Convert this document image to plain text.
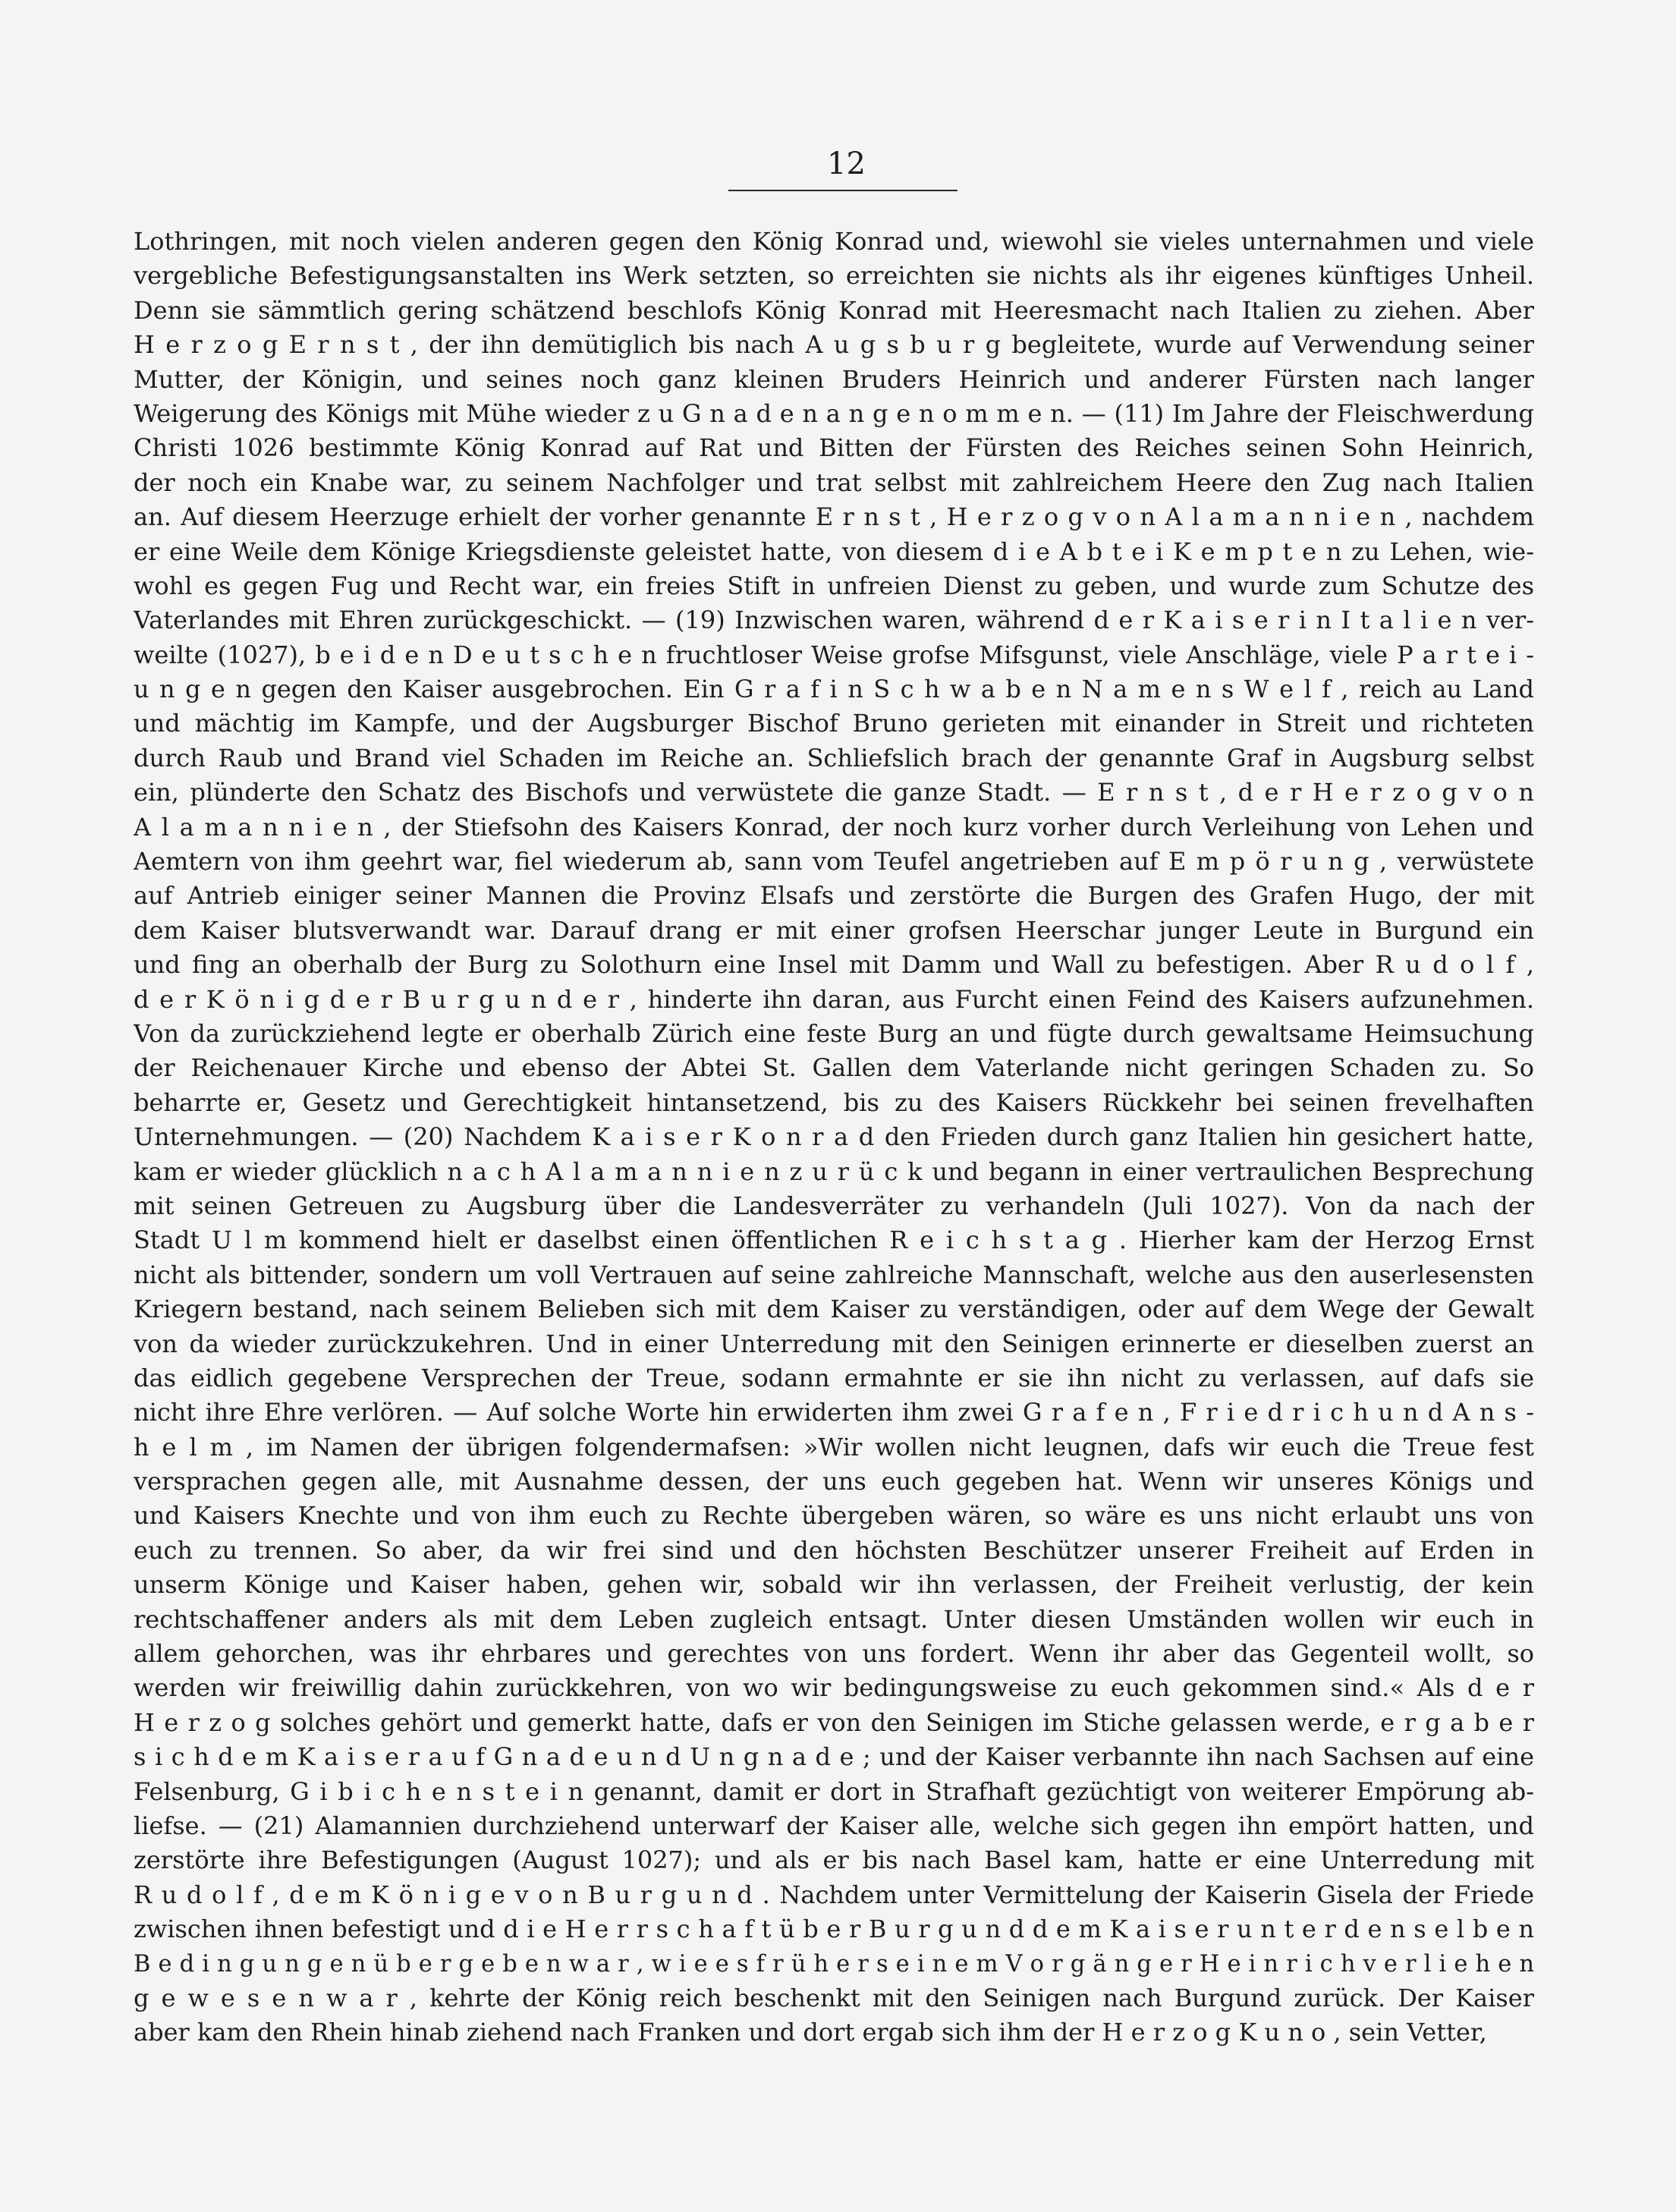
12
Lothringen, mit noch vielen anderen gegen den König Konrad und, wiewohl sie vieles unternahmen und viele
vergebliche Befestigungsanstalten ins Werk setzten, so erreichten sie nichts als ihr eigenes künftiges Unheil.
Denn sie sämmtlich gering schätzend beschlofs König Konrad mit Heeresmacht nach Italien zu ziehen. Aber
H e r z o g E r n s t , der ihn demütiglich bis nach A u g s b u r g begleitete, wurde auf Verwendung seiner
Mutter, der Königin, und seines noch ganz kleinen Bruders Heinrich und anderer Fürsten nach langer
Weigerung des Königs mit Mühe wieder z u G n a d e n a n g e n o m m e n. — (11) Im Jahre der Fleischwerdung
Christi 1026 bestimmte König Konrad auf Rat und Bitten der Fürsten des Reiches seinen Sohn Heinrich,
der noch ein Knabe war, zu seinem Nachfolger und trat selbst mit zahlreichem Heere den Zug nach Italien
an. Auf diesem Heerzuge erhielt der vorher genannte E r n s t , H e r z o g v o n A l a m a n n i e n , nachdem
er eine Weile dem Könige Kriegsdienste geleistet hatte, von diesem d i e A b t e i K e m p t e n zu Lehen, wie-
wohl es gegen Fug und Recht war, ein freies Stift in unfreien Dienst zu geben, und wurde zum Schutze des
Vaterlandes mit Ehren zurückgeschickt. — (19) Inzwischen waren, während d e r K a i s e r i n I t a l i e n ver-
weilte (1027), b e i d e n D e u t s c h e n fruchtloser Weise grofse Mifsgunst, viele Anschläge, viele P a r t e i -
u n g e n gegen den Kaiser ausgebrochen. Ein G r a f i n S c h w a b e n N a m e n s W e l f , reich au Land
und mächtig im Kampfe, und der Augsburger Bischof Bruno gerieten mit einander in Streit und richteten
durch Raub und Brand viel Schaden im Reiche an. Schliefslich brach der genannte Graf in Augsburg selbst
ein, plünderte den Schatz des Bischofs und verwüstete die ganze Stadt. — E r n s t , d e r H e r z o g v o n
A l a m a n n i e n , der Stiefsohn des Kaisers Konrad, der noch kurz vorher durch Verleihung von Lehen und
Aemtern von ihm geehrt war, fiel wiederum ab, sann vom Teufel angetrieben auf E m p ö r u n g , verwüstete
auf Antrieb einiger seiner Mannen die Provinz Elsafs und zerstörte die Burgen des Grafen Hugo, der mit
dem Kaiser blutsverwandt war. Darauf drang er mit einer grofsen Heerschar junger Leute in Burgund ein
und fing an oberhalb der Burg zu Solothurn eine Insel mit Damm und Wall zu befestigen. Aber R u d o l f ,
d e r K ö n i g d e r B u r g u n d e r , hinderte ihn daran, aus Furcht einen Feind des Kaisers aufzunehmen.
Von da zurückziehend legte er oberhalb Zürich eine feste Burg an und fügte durch gewaltsame Heimsuchung
der Reichenauer Kirche und ebenso der Abtei St. Gallen dem Vaterlande nicht geringen Schaden zu. So
beharrte er, Gesetz und Gerechtigkeit hintansetzend, bis zu des Kaisers Rückkehr bei seinen frevelhaften
Unternehmungen. — (20) Nachdem K a i s e r K o n r a d den Frieden durch ganz Italien hin gesichert hatte,
kam er wieder glücklich n a c h A l a m a n n i e n z u r ü c k und begann in einer vertraulichen Besprechung
mit seinen Getreuen zu Augsburg über die Landesverräter zu verhandeln (Juli 1027). Von da nach der
Stadt U l m kommend hielt er daselbst einen öffentlichen R e i c h s t a g . Hierher kam der Herzog Ernst
nicht als bittender, sondern um voll Vertrauen auf seine zahlreiche Mannschaft, welche aus den auserlesensten
Kriegern bestand, nach seinem Belieben sich mit dem Kaiser zu verständigen, oder auf dem Wege der Gewalt
von da wieder zurückzukehren. Und in einer Unterredung mit den Seinigen erinnerte er dieselben zuerst an
das eidlich gegebene Versprechen der Treue, sodann ermahnte er sie ihn nicht zu verlassen, auf dafs sie
nicht ihre Ehre verlören. — Auf solche Worte hin erwiderten ihm zwei G r a f e n , F r i e d r i c h u n d A n s -
h e l m , im Namen der übrigen folgendermafsen: »Wir wollen nicht leugnen, dafs wir euch die Treue fest
versprachen gegen alle, mit Ausnahme dessen, der uns euch gegeben hat. Wenn wir unseres Königs und
und Kaisers Knechte und von ihm euch zu Rechte übergeben wären, so wäre es uns nicht erlaubt uns von
euch zu trennen. So aber, da wir frei sind und den höchsten Beschützer unserer Freiheit auf Erden in
unserm Könige und Kaiser haben, gehen wir, sobald wir ihn verlassen, der Freiheit verlustig, der kein
rechtschaffener anders als mit dem Leben zugleich entsagt. Unter diesen Umständen wollen wir euch in
allem gehorchen, was ihr ehrbares und gerechtes von uns fordert. Wenn ihr aber das Gegenteil wollt, so
werden wir freiwillig dahin zurückkehren, von wo wir bedingungsweise zu euch gekommen sind.« Als d e r
H e r z o g solches gehört und gemerkt hatte, dafs er von den Seinigen im Stiche gelassen werde, e r g a b e r
s i c h d e m K a i s e r a u f G n a d e u n d U n g n a d e ; und der Kaiser verbannte ihn nach Sachsen auf eine
Felsenburg, G i b i c h e n s t e i n genannt, damit er dort in Strafhaft gezüchtigt von weiterer Empörung ab-
liefse. — (21) Alamannien durchziehend unterwarf der Kaiser alle, welche sich gegen ihn empört hatten, und
zerstörte ihre Befestigungen (August 1027); und als er bis nach Basel kam, hatte er eine Unterredung mit
R u d o l f , d e m K ö n i g e v o n B u r g u n d . Nachdem unter Vermittelung der Kaiserin Gisela der Friede
zwischen ihnen befestigt und d i e H e r r s c h a f t ü b e r B u r g u n d d e m K a i s e r u n t e r d e n s e l b e n
B e d i n g u n g e n ü b e r g e b e n w a r , w i e e s f r ü h e r s e i n e m V o r g ä n g e r H e i n r i c h v e r l i e h e n
g e w e s e n w a r , kehrte der König reich beschenkt mit den Seinigen nach Burgund zurück. Der Kaiser
aber kam den Rhein hinab ziehend nach Franken und dort ergab sich ihm der H e r z o g K u n o , sein Vetter,
